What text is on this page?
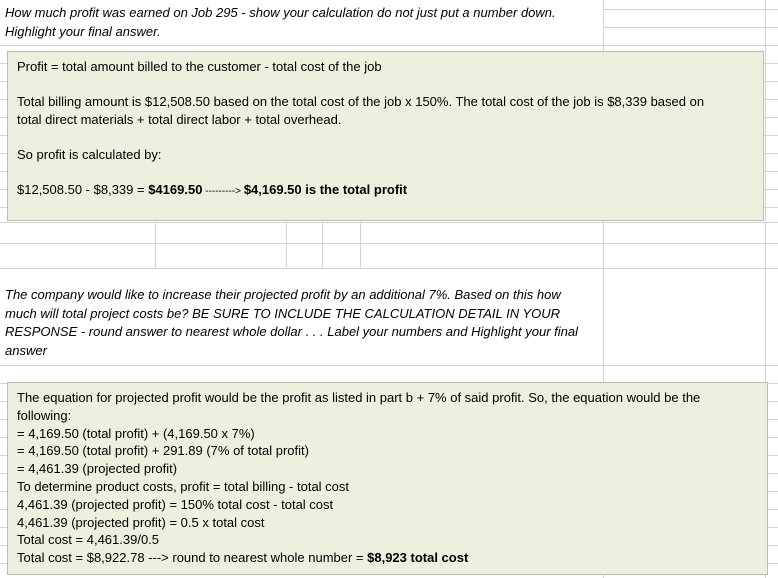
How much profit was earned on Job 295 - show your calculation do not just put a number down.
Highlight your final answer.

Profit = total amount billed to the customer - total cost of the job

Total billing amount is $12,508.50 based on the total cost of the job x 150%. The total cost of the job is $8,339 based on

total direct materials + total direct labor + total overhead.

So profit is calculated by:

$12,508.50 - $8,339 = $4169.50 ---------> $4,169.50 is the total profit

The company would like to increase their projected profit by an additional 7%. Based on this how
much will total project costs be? BE SURE TO INCLUDE THE CALCULATION DETAIL IN YOUR
RESPONSE - round answer to nearest whole dollar . . . Label your numbers and Highlight your final
answer

The equation for projected profit would be the profit as listed in part b + 7% of said profit. So, the equation would be the

following:

= 4,169.50 (total profit) + (4,169.50 x 7%)

= 4,169.50 (total profit) + 291.89 (7% of total profit)

= 4,461.39 (projected profit)

To determine product costs, profit = total billing - total cost

4,461.39 (projected profit) = 150% total cost - total cost

4,461.39 (projected profit) = 0.5 x total cost

Total cost = 4,461.39/0.5

Total cost = $8,922.78 ---> round to nearest whole number = $8,923 total cost
